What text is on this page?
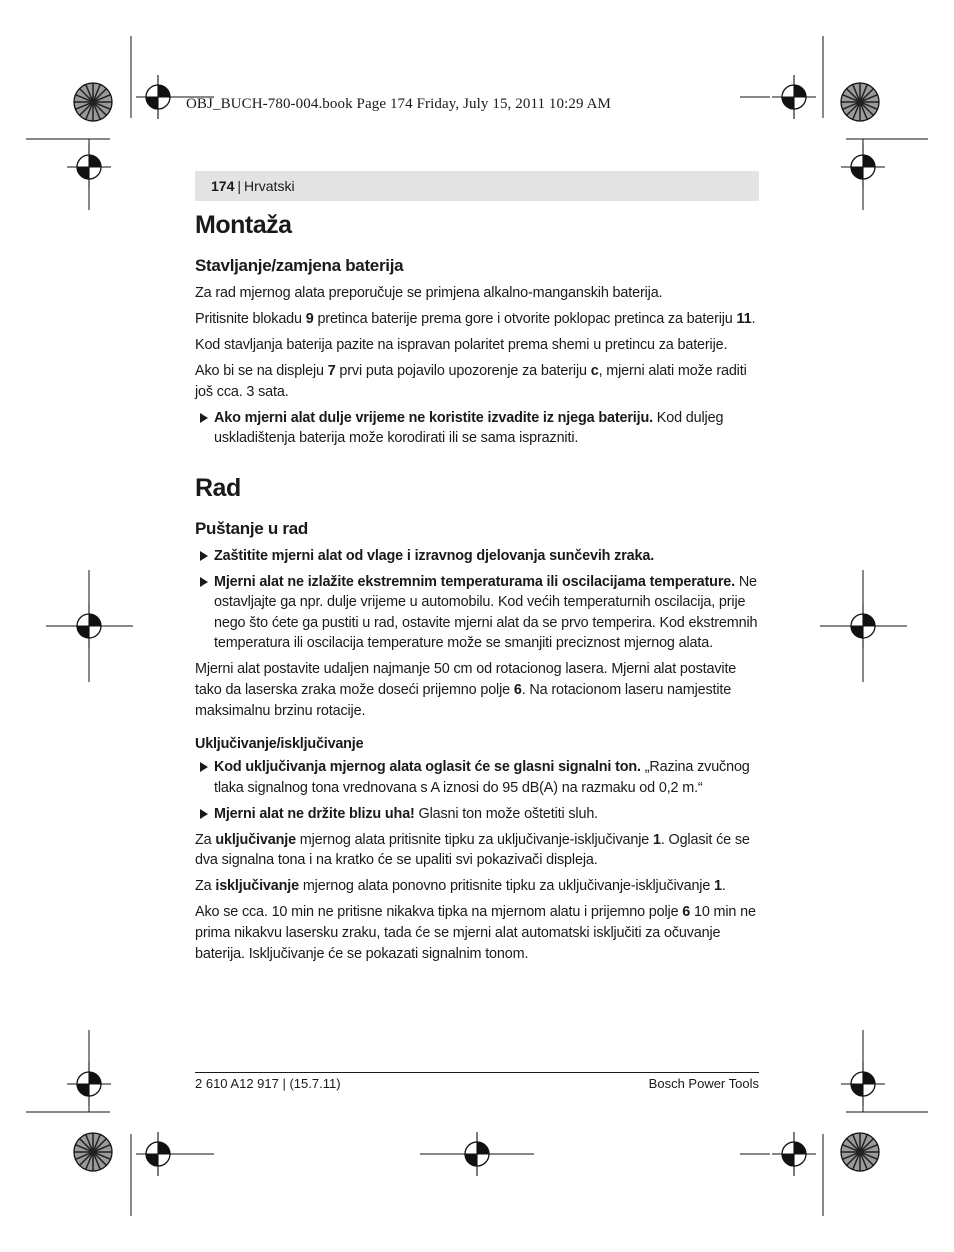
OBJ_BUCH-780-004.book Page 174 Friday, July 15, 2011 10:29 AM

174 | Hrvatski
Montaža
Stavljanje/zamjena baterija

Za rad mjernog alata preporučuje se primjena alkalno-manganskih baterija.

Pritisnite blokadu 9 pretinca baterije prema gore i otvorite poklopac pretinca za bateriju 11.

Kod stavljanja baterija pazite na ispravan polaritet prema shemi u pretincu za baterije.

Ako bi se na displeju 7 prvi puta pojavilo upozorenje za bateriju c, mjerni alati može raditi još cca. 3 sata.

Ako mjerni alat dulje vrijeme ne koristite izvadite iz njega bateriju. Kod duljeg uskladištenja baterija može korodirati ili se sama isprazniti.

Rad
Puštanje u rad

Zaštitite mjerni alat od vlage i izravnog djelovanja sunčevih zraka.

Mjerni alat ne izlažite ekstremnim temperaturama ili oscilacijama temperature. Ne ostavljajte ga npr. dulje vrijeme u automobilu. Kod većih temperaturnih oscilacija, prije nego što ćete ga pustiti u rad, ostavite mjerni alat da se prvo temperira. Kod ekstremnih temperatura ili oscilacija temperature može se smanjiti preciznost mjernog alata.

Mjerni alat postavite udaljen najmanje 50 cm od rotacionog lasera. Mjerni alat postavite tako da laserska zraka može doseći prijemno polje 6. Na rotacionom laseru namjestite maksimalnu brzinu rotacije.

Uključivanje/isključivanje

Kod uključivanja mjernog alata oglasit će se glasni signalni ton. „Razina zvučnog tlaka signalnog tona vrednovana s A iznosi do 95 dB(A) na razmaku od 0,2 m.“

Mjerni alat ne držite blizu uha! Glasni ton može oštetiti sluh.

Za uključivanje mjernog alata pritisnite tipku za uključivanje-isključivanje 1. Oglasit će se dva signalna tona i na kratko će se upaliti svi pokazivači displeja.

Za isključivanje mjernog alata ponovno pritisnite tipku za uključivanje-isključivanje 1.

Ako se cca. 10 min ne pritisne nikakva tipka na mjernom alatu i prijemno polje 6 10 min ne prima nikakvu lasersku zraku, tada će se mjerni alat automatski isključiti za očuvanje baterija. Isključivanje će se pokazati signalnim tonom.

2 610 A12 917 | (15.7.11)	Bosch Power Tools
